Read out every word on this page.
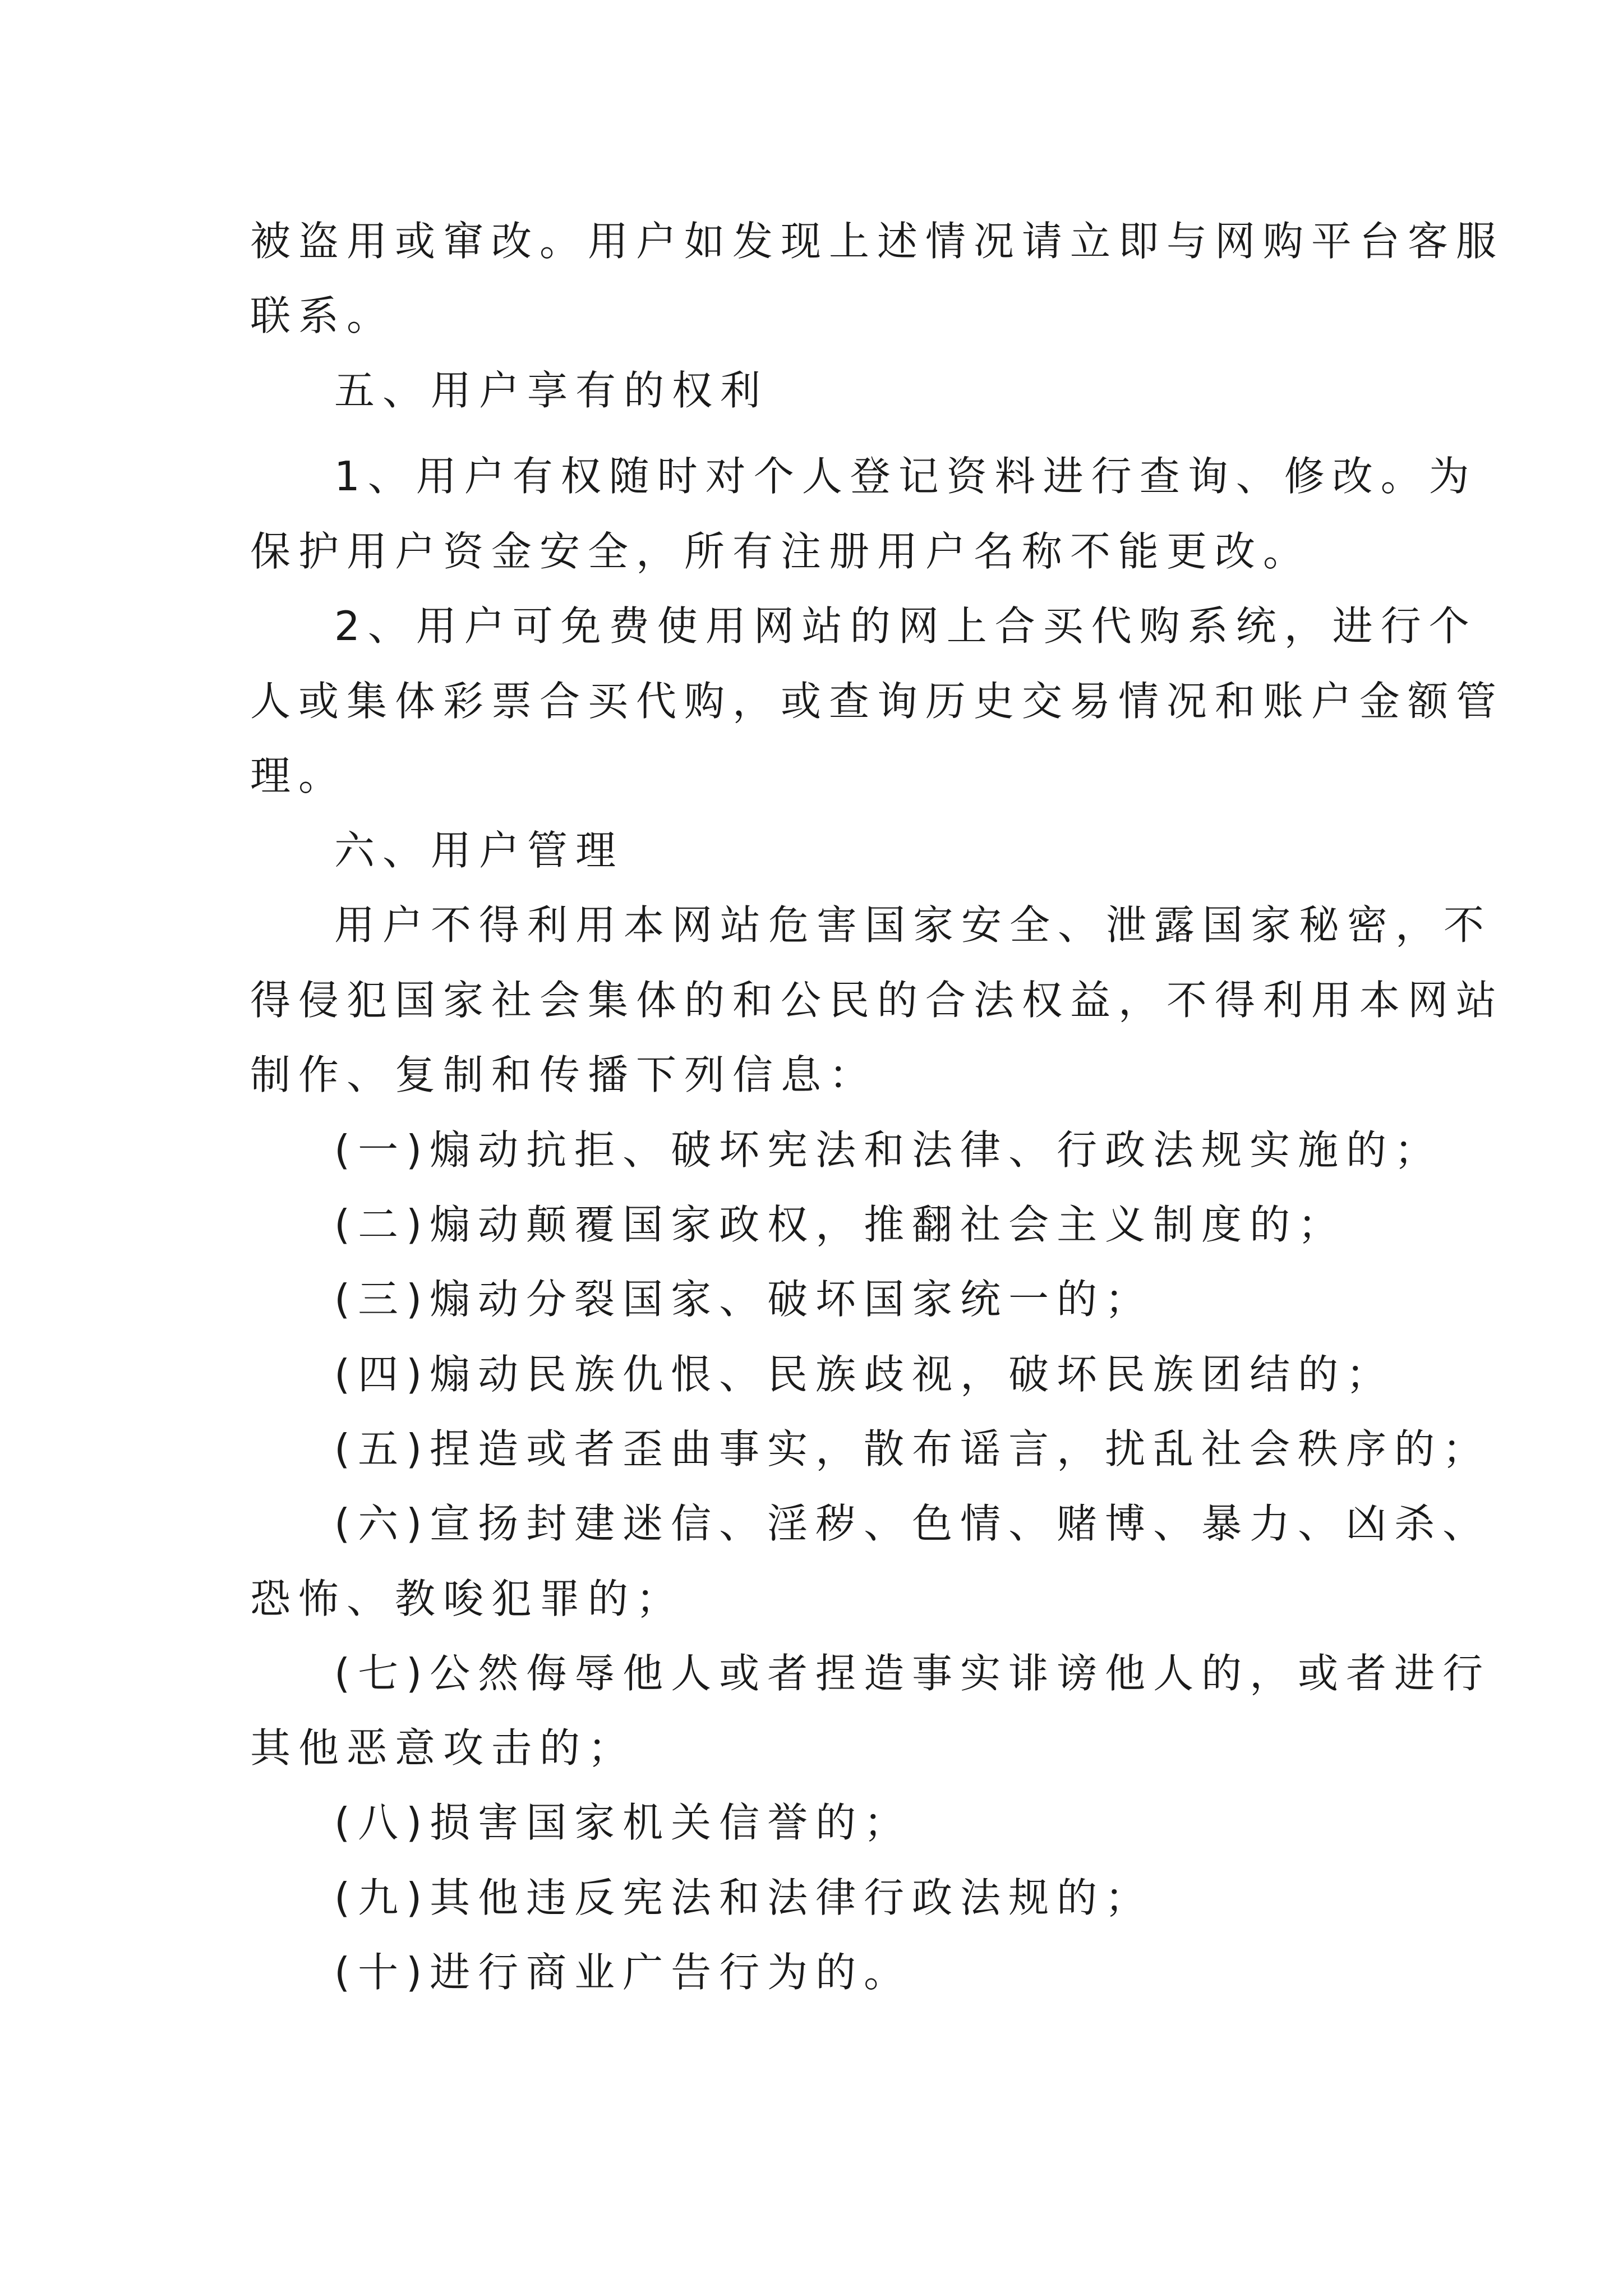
被盗用或窜改。用户如发现上述情况请立即与网购平台客服

联系。

五、用户享有的权利

1、用户有权随时对个人登记资料进行查询、修改。为

保护用户资金安全，所有注册用户名称不能更改。

2、用户可免费使用网站的网上合买代购系统，进行个

人或集体彩票合买代购，或查询历史交易情况和账户金额管

理。

六、用户管理

用户不得利用本网站危害国家安全、泄露国家秘密，不

得侵犯国家社会集体的和公民的合法权益，不得利用本网站

制作、复制和传播下列信息：

(一)煽动抗拒、破坏宪法和法律、行政法规实施的；

(二)煽动颠覆国家政权，推翻社会主义制度的；

(三)煽动分裂国家、破坏国家统一的；

(四)煽动民族仇恨、民族歧视，破坏民族团结的；

(五)捏造或者歪曲事实，散布谣言，扰乱社会秩序的；

(六)宣扬封建迷信、淫秽、色情、赌博、暴力、凶杀、

恐怖、教唆犯罪的；

(七)公然侮辱他人或者捏造事实诽谤他人的，或者进行

其他恶意攻击的；

(八)损害国家机关信誉的；

(九)其他违反宪法和法律行政法规的；

(十)进行商业广告行为的。
